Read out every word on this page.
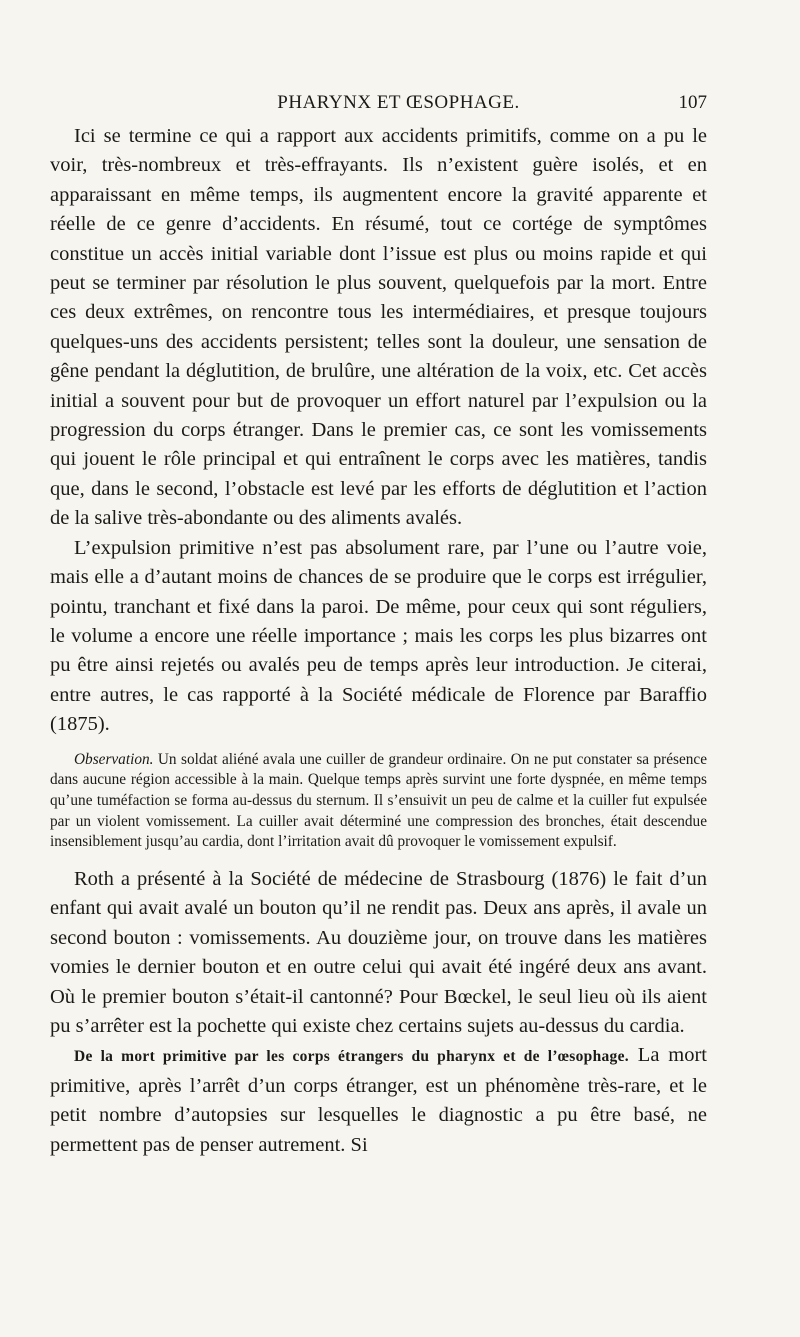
PHARYNX ET ŒSOPHAGE.	107

Ici se termine ce qui a rapport aux accidents primitifs, comme on a pu le voir, très-nombreux et très-effrayants. Ils n’existent guère isolés, et en apparaissant en même temps, ils augmentent encore la gravité apparente et réelle de ce genre d’accidents. En résumé, tout ce cortége de symptômes constitue un accès initial variable dont l’issue est plus ou moins rapide et qui peut se terminer par résolution le plus souvent, quelquefois par la mort. Entre ces deux extrêmes, on rencontre tous les intermédiaires, et presque toujours quelques-uns des accidents persistent; telles sont la douleur, une sensation de gêne pendant la déglutition, de brulûre, une altération de la voix, etc. Cet accès initial a souvent pour but de provoquer un effort naturel par l’expulsion ou la progression du corps étranger. Dans le premier cas, ce sont les vomissements qui jouent le rôle principal et qui entraînent le corps avec les matières, tandis que, dans le second, l’obstacle est levé par les efforts de déglutition et l’action de la salive très-abondante ou des aliments avalés.

L’expulsion primitive n’est pas absolument rare, par l’une ou l’autre voie, mais elle a d’autant moins de chances de se produire que le corps est irrégulier, pointu, tranchant et fixé dans la paroi. De même, pour ceux qui sont réguliers, le volume a encore une réelle importance ; mais les corps les plus bizarres ont pu être ainsi rejetés ou avalés peu de temps après leur introduction. Je citerai, entre autres, le cas rapporté à la Société médicale de Florence par Baraffio (1875).

Observation. Un soldat aliéné avala une cuiller de grandeur ordinaire. On ne put constater sa présence dans aucune région accessible à la main. Quelque temps après survint une forte dyspnée, en même temps qu’une tuméfaction se forma au-dessus du sternum. Il s’ensuivit un peu de calme et la cuiller fut expulsée par un violent vomissement. La cuiller avait déterminé une compression des bronches, était descendue insensiblement jusqu’au cardia, dont l’irritation avait dû provoquer le vomissement expulsif.

Roth a présenté à la Société de médecine de Strasbourg (1876) le fait d’un enfant qui avait avalé un bouton qu’il ne rendit pas. Deux ans après, il avale un second bouton : vomissements. Au douzième jour, on trouve dans les matières vomies le dernier bouton et en outre celui qui avait été ingéré deux ans avant. Où le premier bouton s’était-il cantonné? Pour Bœckel, le seul lieu où ils aient pu s’arrêter est la pochette qui existe chez certains sujets au-dessus du cardia.

De la mort primitive par les corps étrangers du pharynx et de l’œsophage. La mort primitive, après l’arrêt d’un corps étranger, est un phénomène très-rare, et le petit nombre d’autopsies sur lesquelles le diagnostic a pu être basé, ne permettent pas de penser autrement. Si
